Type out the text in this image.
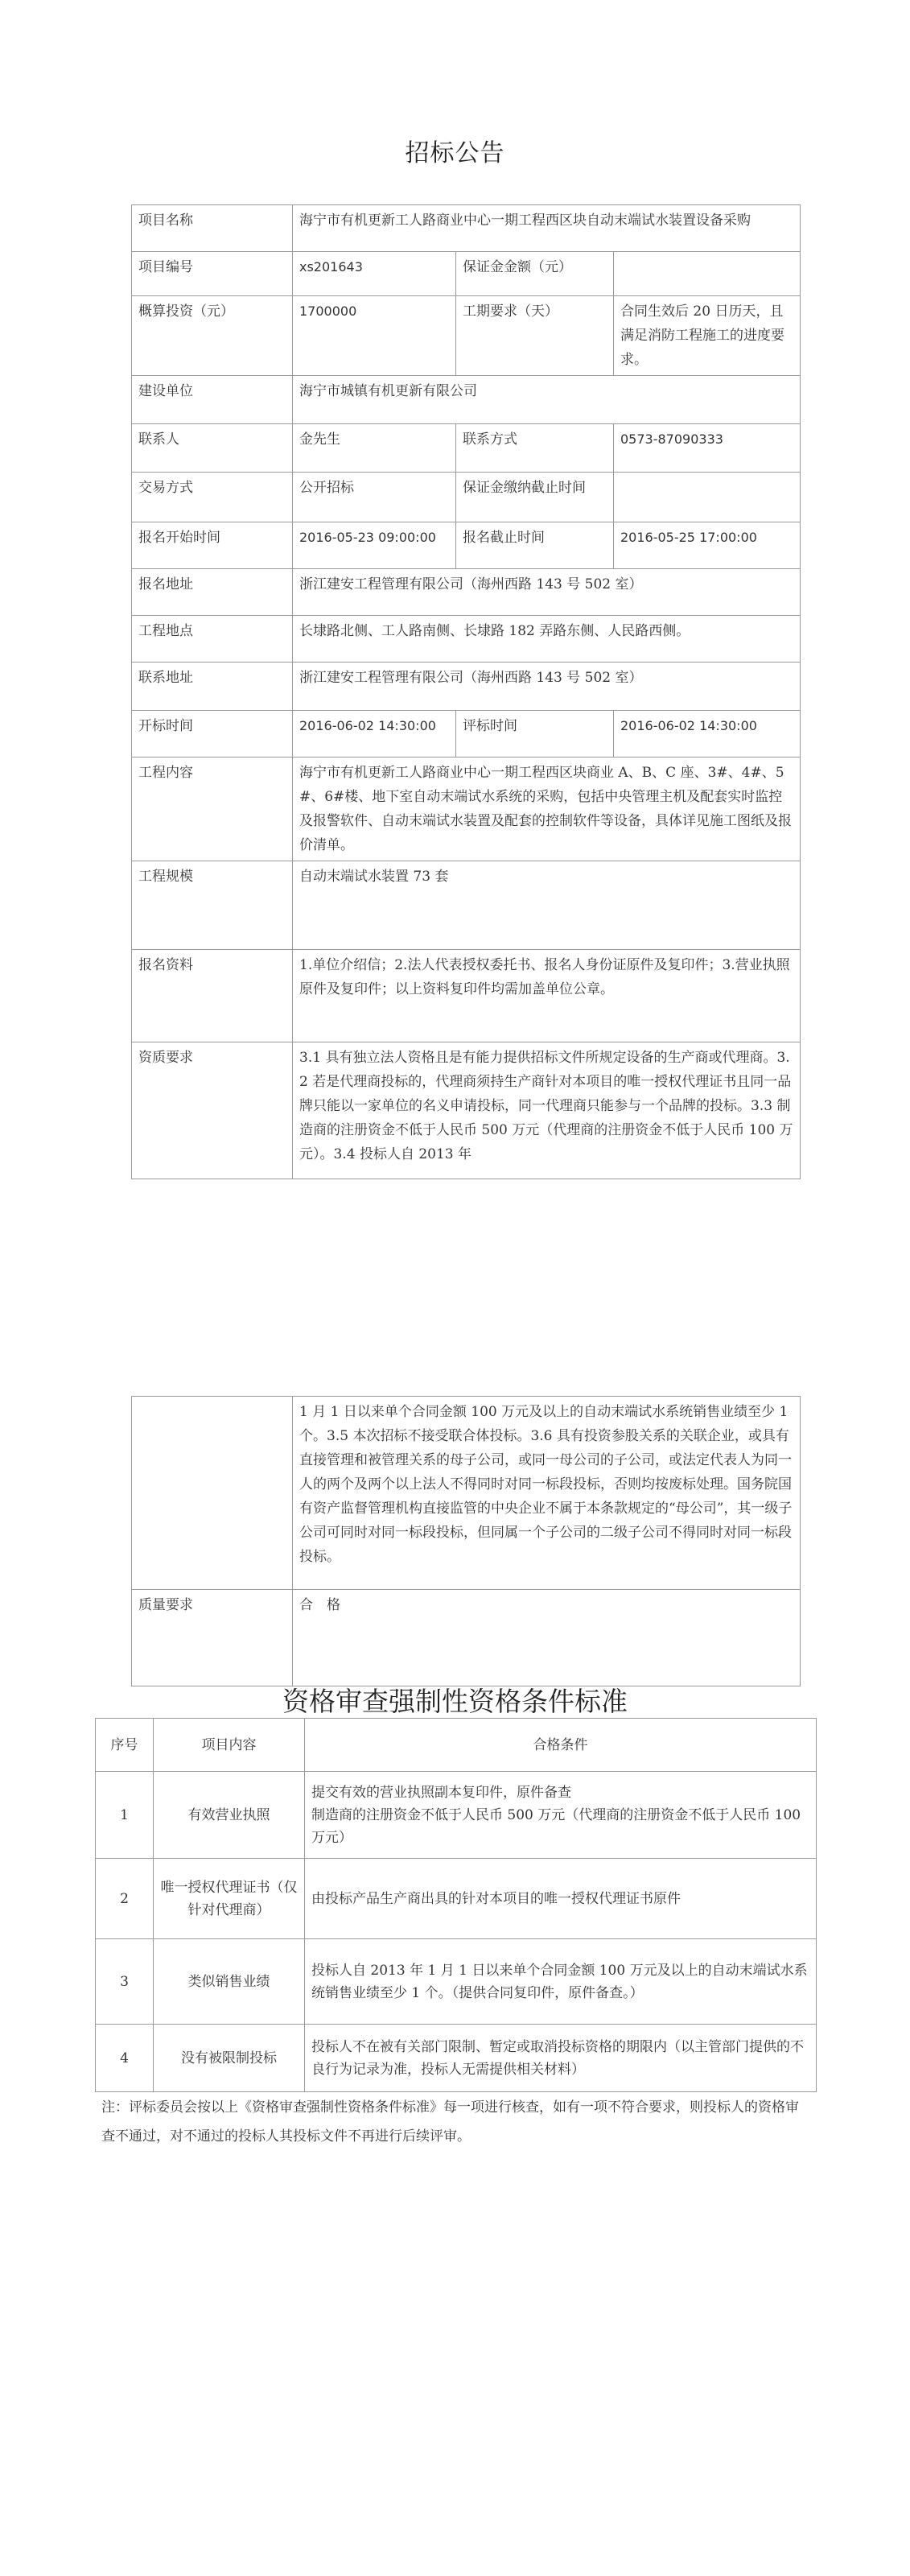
招标公告
项目名称	海宁市有机更新工人路商业中心一期工程西区块自动末端试水装置设备采购		
项目编号	xs201643	保证金金额（元）	
概算投资（元）	1700000	工期要求（天）	合同生效后 20 日历天，且满足消防工程施工的进度要求。
建设单位	海宁市城镇有机更新有限公司		
联系人	金先生	联系方式	0573-87090333
交易方式	公开招标	保证金缴纳截止时间	
报名开始时间	2016-05-23 09:00:00	报名截止时间	2016-05-25 17:00:00
报名地址	浙江建安工程管理有限公司（海州西路 143 号 502 室）		
工程地点	长埭路北侧、工人路南侧、长埭路 182 弄路东侧、人民路西侧。		
联系地址	浙江建安工程管理有限公司（海州西路 143 号 502 室）		
开标时间	2016-06-02 14:30:00	评标时间	2016-06-02 14:30:00
工程内容	海宁市有机更新工人路商业中心一期工程西区块商业 A、B、C 座、3#、4#、5#、6#楼、地下室自动末端试水系统的采购，包括中央管理主机及配套实时监控及报警软件、自动末端试水装置及配套的控制软件等设备，具体详见施工图纸及报价清单。		
工程规模	自动末端试水装置 73 套		
报名资料	1.单位介绍信；2.法人代表授权委托书、报名人身份证原件及复印件；3.营业执照原件及复印件；以上资料复印件均需加盖单位公章。		
资质要求	3.1 具有独立法人资格且是有能力提供招标文件所规定设备的生产商或代理商。3.2 若是代理商投标的，代理商须持生产商针对本项目的唯一授权代理证书且同一品牌只能以一家单位的名义申请投标，同一代理商只能参与一个品牌的投标。3.3 制造商的注册资金不低于人民币 500 万元（代理商的注册资金不低于人民币 100 万元）。3.4 投标人自 2013 年		
	1 月 1 日以来单个合同金额 100 万元及以上的自动末端试水系统销售业绩至少 1 个。3.5 本次招标不接受联合体投标。3.6 具有投资参股关系的关联企业，或具有直接管理和被管理关系的母子公司，或同一母公司的子公司，或法定代表人为同一人的两个及两个以上法人不得同时对同一标段投标，否则均按废标处理。国务院国有资产监督管理机构直接监管的中央企业不属于本条款规定的“母公司”，其一级子公司可同时对同一标段投标，但同属一个子公司的二级子公司不得同时对同一标段投标。
质量要求	合　格
资格审查强制性资格条件标准
序号	项目内容	合格条件
1	有效营业执照	提交有效的营业执照副本复印件，原件备查
制造商的注册资金不低于人民币 500 万元（代理商的注册资金不低于人民币 100 万元）
2	唯一授权代理证书（仅针对代理商）	由投标产品生产商出具的针对本项目的唯一授权代理证书原件
3	类似销售业绩	投标人自 2013 年 1 月 1 日以来单个合同金额 100 万元及以上的自动末端试水系统销售业绩至少 1 个。（提供合同复印件，原件备查。）
4	没有被限制投标	投标人不在被有关部门限制、暂定或取消投标资格的期限内（以主管部门提供的不良行为记录为准，投标人无需提供相关材料）
注：评标委员会按以上《资格审查强制性资格条件标准》每一项进行核查，如有一项不符合要求，则投标人的资格审查不通过，对不通过的投标人其投标文件不再进行后续评审。
